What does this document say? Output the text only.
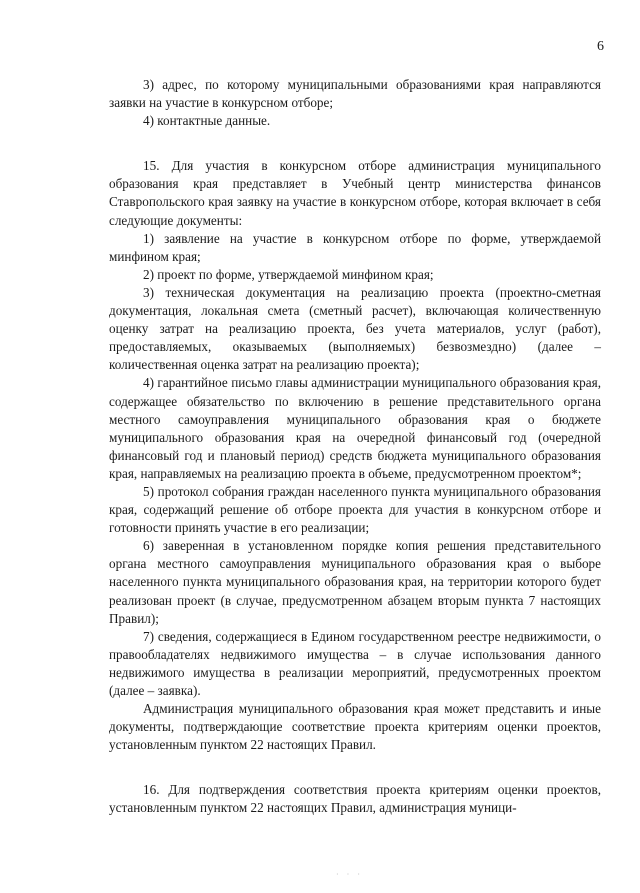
6

3) адрес, по которому муниципальными образованиями края направляются заявки на участие в конкурсном отборе;

4) контактные данные.

15. Для участия в конкурсном отборе администрация муниципального образования края представляет в Учебный центр министерства финансов Ставропольского края заявку на участие в конкурсном отборе, которая включает в себя следующие документы:

1) заявление на участие в конкурсном отборе по форме, утверждаемой минфином края;

2) проект по форме, утверждаемой минфином края;

3) техническая документация на реализацию проекта (проектно-сметная документация, локальная смета (сметный расчет), включающая количественную оценку затрат на реализацию проекта, без учета материалов, услуг (работ), предоставляемых, оказываемых (выполняемых) безвозмездно) (далее – количественная оценка затрат на реализацию проекта);

4) гарантийное письмо главы администрации муниципального образования края, содержащее обязательство по включению в решение представительного органа местного самоуправления муниципального образования края о бюджете муниципального образования края на очередной финансовый год (очередной финансовый год и плановый период) средств бюджета муниципального образования края, направляемых на реализацию проекта в объеме, предусмотренном проектом*;

5) протокол собрания граждан населенного пункта муниципального образования края, содержащий решение об отборе проекта для участия в конкурсном отборе и готовности принять участие в его реализации;

6) заверенная в установленном порядке копия решения представительного органа местного самоуправления муниципального образования края о выборе населенного пункта муниципального образования края, на территории которого будет реализован проект (в случае, предусмотренном абзацем вторым пункта 7 настоящих Правил);

7) сведения, содержащиеся в Едином государственном реестре недвижимости, о правообладателях недвижимого имущества – в случае использования данного недвижимого имущества в реализации мероприятий, предусмотренных проектом (далее – заявка).

Администрация муниципального образования края может представить и иные документы, подтверждающие соответствие проекта критериям оценки проектов, установленным пунктом 22 настоящих Правил.

16. Для подтверждения соответствия проекта критериям оценки проектов, установленным пунктом 22 настоящих Правил, администрация муници-

· · ·
